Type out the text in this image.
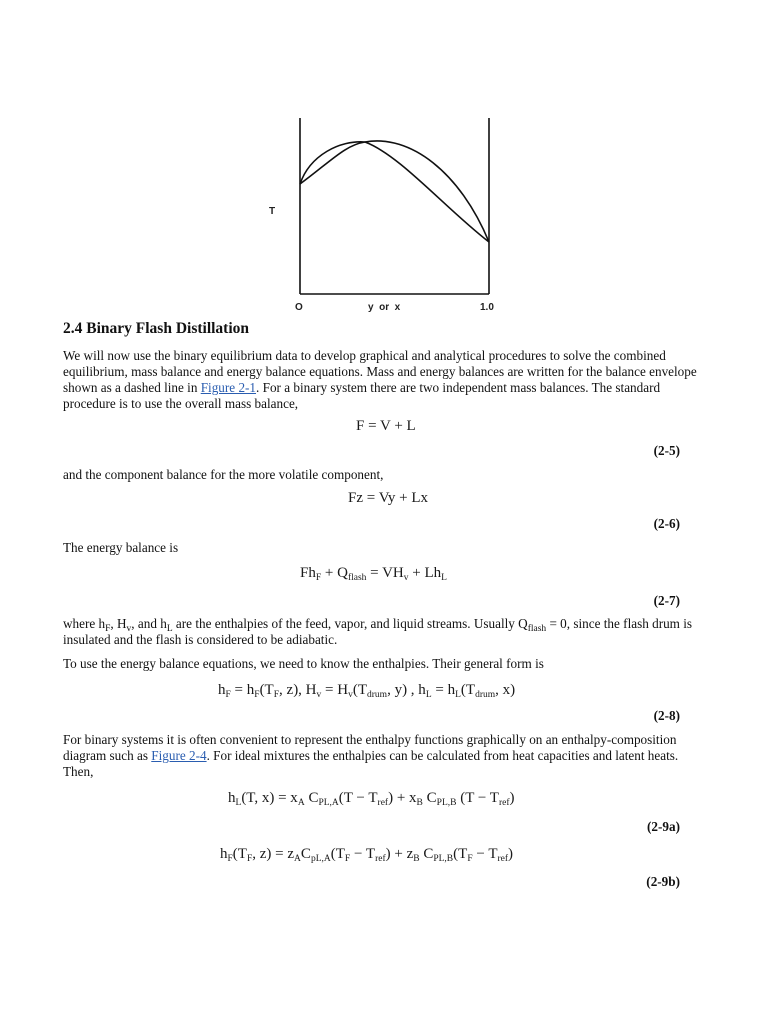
T
O	y  or  x	1.0
2.4 Binary Flash Distillation

We will now use the binary equilibrium data to develop graphical and analytical procedures to solve the combined equilibrium, mass balance and energy balance equations. Mass and energy balances are written for the balance envelope shown as a dashed line in Figure 2-1. For a binary system there are two independent mass balances. The standard procedure is to use the overall mass balance,

F = V + L
(2-5)

and the component balance for the more volatile component,

Fz = Vy + Lx
(2-6)

The energy balance is

$Fh_F + Q_{flash} = VH_v + Lh_L$
(2-7)

where $h_F$, $H_v$, and $h_L$ are the enthalpies of the feed, vapor, and liquid streams. Usually $Q_{flash} = 0$, since the flash drum is insulated and the flash is considered to be adiabatic.

To use the energy balance equations, we need to know the enthalpies. Their general form is

$h_F = h_F(T_F$, z), $H_v = H_v(T_{drum}$, y) , $h_L = h_L(T_{drum}$, x)
(2-8)

For binary systems it is often convenient to represent the enthalpy functions graphically on an enthalpy-composition diagram such as Figure 2-4. For ideal mixtures the enthalpies can be calculated from heat capacities and latent heats. Then,

$h_L(T$, $x) = x_A$ $C_{PL,A}(T - T_{ref}) + x_B$ $C_{PL,B}$ $(T - T_{ref})$
(2-9a)
$h_F(T_F$, $z) = z_AC_{pL,A}(T_F - T_{ref}) + z_B$ $C_{PL,B}(T_F - T_{ref})$
(2-9b)
